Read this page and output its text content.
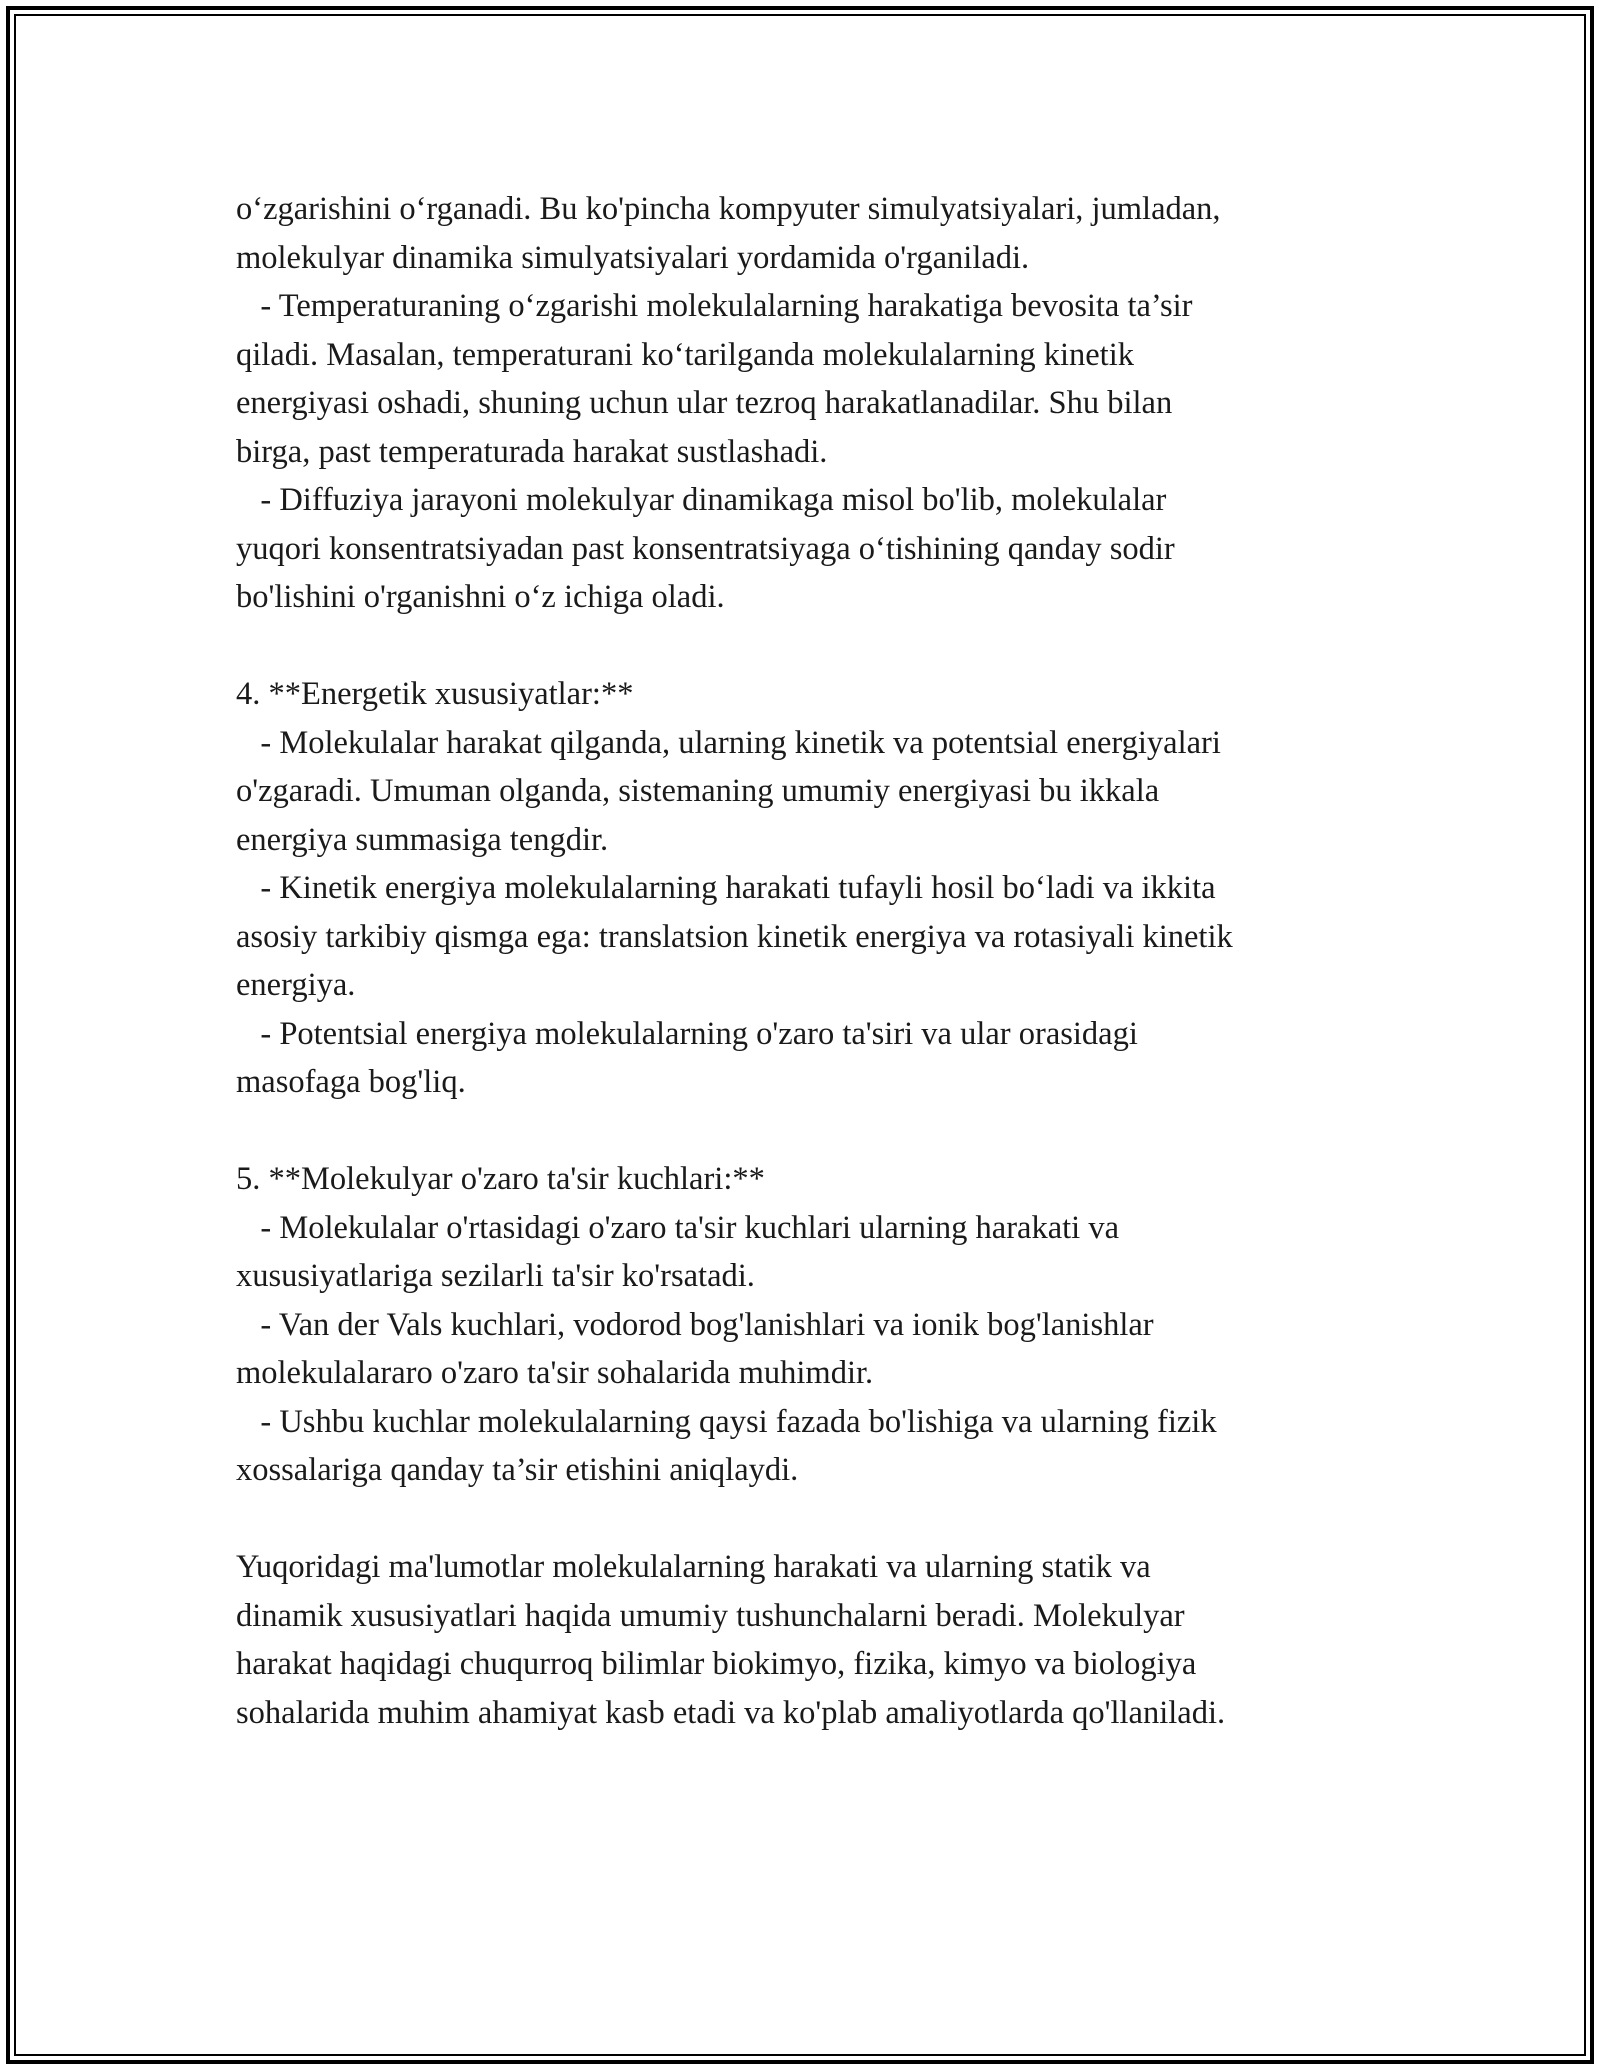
o‘zgarishini o‘rganadi. Bu ko'pincha kompyuter simulyatsiyalari, jumladan,
molekulyar dinamika simulyatsiyalari yordamida o'rganiladi.
- Temperaturaning o‘zgarishi molekulalarning harakatiga bevosita ta’sir
qiladi. Masalan, temperaturani ko‘tarilganda molekulalarning kinetik
energiyasi oshadi, shuning uchun ular tezroq harakatlanadilar. Shu bilan
birga, past temperaturada harakat sustlashadi.
- Diffuziya jarayoni molekulyar dinamikaga misol bo'lib, molekulalar
yuqori konsentratsiyadan past konsentratsiyaga o‘tishining qanday sodir
bo'lishini o'rganishni o‘z ichiga oladi.
4. **Energetik xususiyatlar:**
- Molekulalar harakat qilganda, ularning kinetik va potentsial energiyalari
o'zgaradi. Umuman olganda, sistemaning umumiy energiyasi bu ikkala
energiya summasiga tengdir.
- Kinetik energiya molekulalarning harakati tufayli hosil bo‘ladi va ikkita
asosiy tarkibiy qismga ega: translatsion kinetik energiya va rotasiyali kinetik
energiya.
- Potentsial energiya molekulalarning o'zaro ta'siri va ular orasidagi
masofaga bog'liq.
5. **Molekulyar o'zaro ta'sir kuchlari:**
- Molekulalar o'rtasidagi o'zaro ta'sir kuchlari ularning harakati va
xususiyatlariga sezilarli ta'sir ko'rsatadi.
- Van der Vals kuchlari, vodorod bog'lanishlari va ionik bog'lanishlar
molekulalararo o'zaro ta'sir sohalarida muhimdir.
- Ushbu kuchlar molekulalarning qaysi fazada bo'lishiga va ularning fizik
xossalariga qanday ta’sir etishini aniqlaydi.
Yuqoridagi ma'lumotlar molekulalarning harakati va ularning statik va
dinamik xususiyatlari haqida umumiy tushunchalarni beradi. Molekulyar
harakat haqidagi chuqurroq bilimlar biokimyo, fizika, kimyo va biologiya
sohalarida muhim ahamiyat kasb etadi va ko'plab amaliyotlarda qo'llaniladi.
